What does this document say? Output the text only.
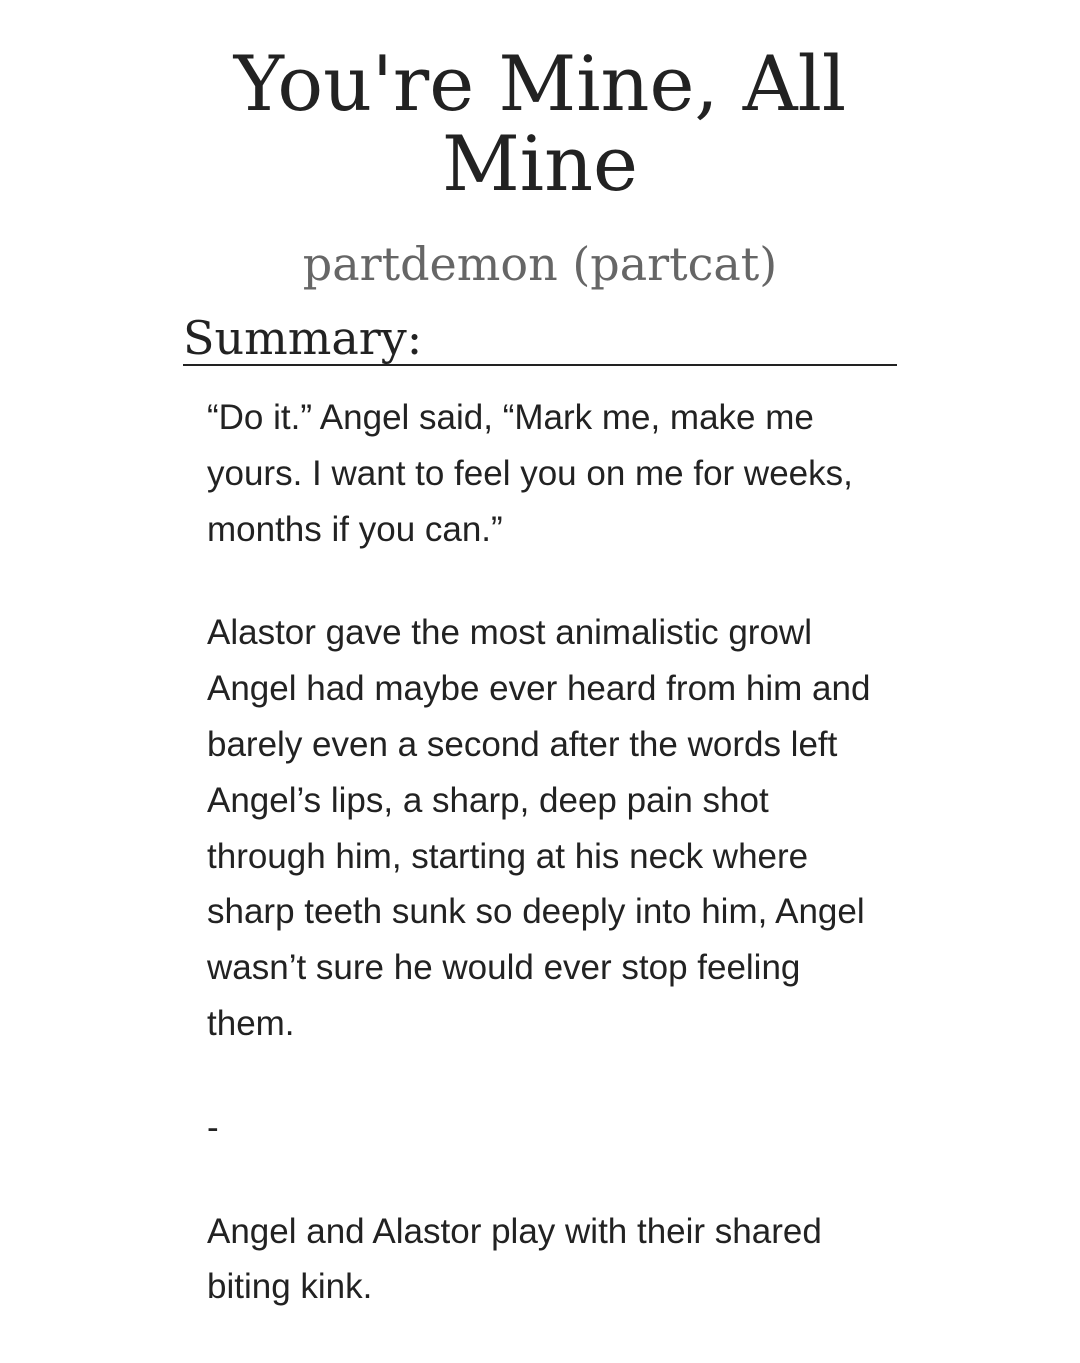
You're Mine, All Mine
partdemon (partcat)
Summary:

“Do it.” Angel said, “Mark me, make me yours. I want to feel you on me for weeks, months if you can.”

Alastor gave the most animalistic growl Angel had maybe ever heard from him and barely even a second after the words left Angel’s lips, a sharp, deep pain shot through him, starting at his neck where sharp teeth sunk so deeply into him, Angel wasn’t sure he would ever stop feeling them.

-

Angel and Alastor play with their shared biting kink.
